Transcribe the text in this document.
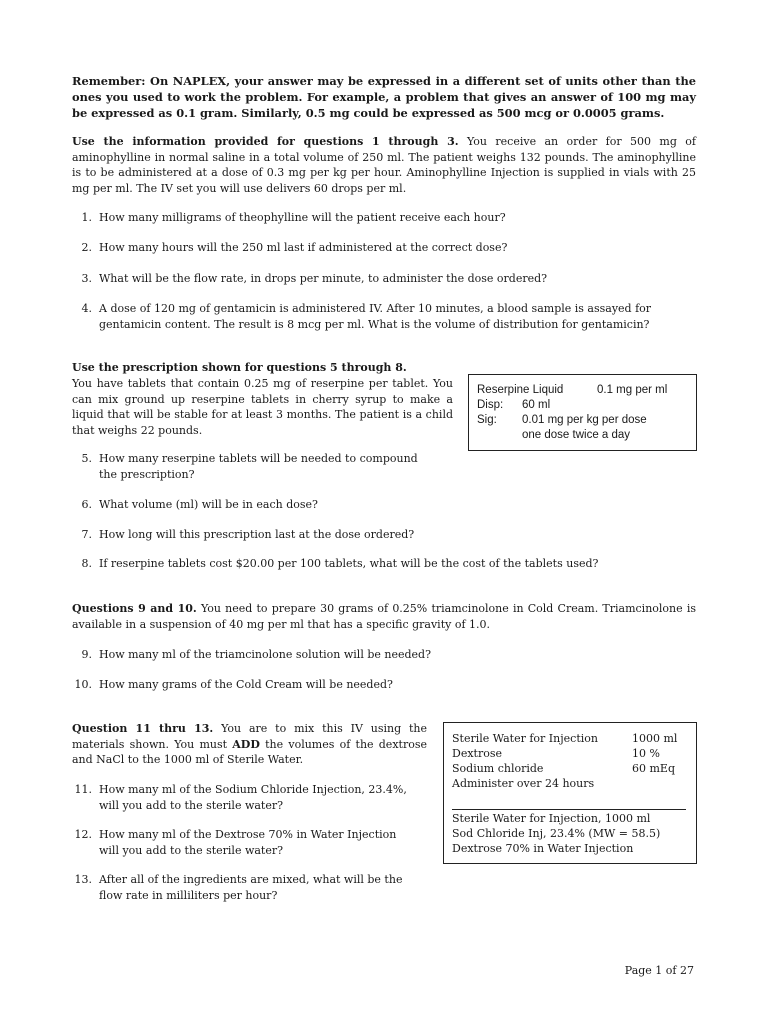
Remember: On NAPLEX, your answer may be expressed in a different set of units other than the ones you used to work the problem. For example, a problem that gives an answer of 100 mg may be expressed as 0.1 gram. Similarly, 0.5 mg could be expressed as 500 mcg or 0.0005 grams.

Use the information provided for questions 1 through 3. You receive an order for 500 mg of aminophylline in normal saline in a total volume of 250 ml. The patient weighs 132 pounds. The aminophylline is to be administered at a dose of 0.3 mg per kg per hour. Aminophylline Injection is supplied in vials with 25 mg per ml. The IV set you will use delivers 60 drops per ml.

1. How many milligrams of theophylline will the patient receive each hour?
2. How many hours will the 250 ml last if administered at the correct dose?
3. What will be the flow rate, in drops per minute, to administer the dose ordered?
4. A dose of 120 mg of gentamicin is administered IV. After 10 minutes, a blood sample is assayed for
gentamicin content. The result is 8 mcg per ml. What is the volume of distribution for gentamicin?
Use the prescription shown for questions 5 through 8.

You have tablets that contain 0.25 mg of reserpine per tablet. You can mix ground up reserpine tablets in cherry syrup to make a liquid that will be stable for at least 3 months. The patient is a child that weighs 22 pounds.

Reserpine Liquid	0.1 mg per ml
Disp: 60 ml
Sig: 0.01 mg per kg per dose
one dose twice a day
5. How many reserpine tablets will be needed to compound
the prescription?
6. What volume (ml) will be in each dose?
7. How long will this prescription last at the dose ordered?
8. If reserpine tablets cost $20.00 per 100 tablets, what will be the cost of the tablets used?

Questions 9 and 10. You need to prepare 30 grams of 0.25% triamcinolone in Cold Cream. Triamcinolone is available in a suspension of 40 mg per ml that has a specific gravity of 1.0.

9. How many ml of the triamcinolone solution will be needed?
10. How many grams of the Cold Cream will be needed?

Question 11 thru 13. You are to mix this IV using the materials shown. You must ADD the volumes of the dextrose and NaCl to the 1000 ml of Sterile Water.

Sterile Water for Injection	1000 ml
Dextrose	10 %
Sodium chloride	60 mEq
Administer over 24 hours
Sterile Water for Injection, 1000 ml
Sod Chloride Inj, 23.4% (MW = 58.5)
Dextrose 70% in Water Injection
11. How many ml of the Sodium Chloride Injection, 23.4%,
will you add to the sterile water?
12. How many ml of the Dextrose 70% in Water Injection
will you add to the sterile water?
13. After all of the ingredients are mixed, what will be the
flow rate in milliliters per hour?
Page 1 of 27
